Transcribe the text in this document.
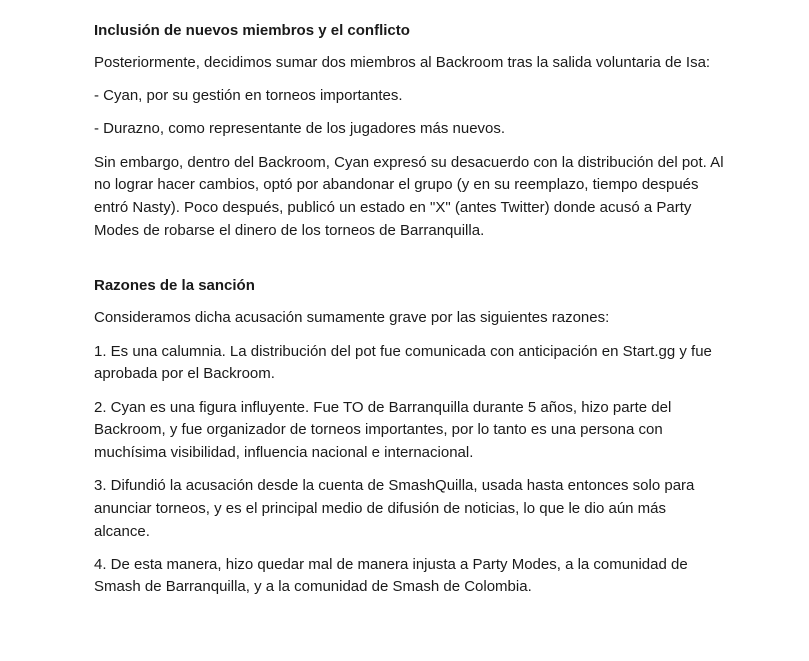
Inclusión de nuevos miembros y el conflicto

Posteriormente, decidimos sumar dos miembros al Backroom tras la salida voluntaria de Isa:

- Cyan, por su gestión en torneos importantes.

- Durazno, como representante de los jugadores más nuevos.

Sin embargo, dentro del Backroom, Cyan expresó su desacuerdo con la distribución del pot. Al no lograr hacer cambios, optó por abandonar el grupo (y en su reemplazo, tiempo después entró Nasty). Poco después, publicó un estado en "X" (antes Twitter) donde acusó a Party Modes de robarse el dinero de los torneos de Barranquilla.

Razones de la sanción

Consideramos dicha acusación sumamente grave por las siguientes razones:

1. Es una calumnia. La distribución del pot fue comunicada con anticipación en Start.gg y fue aprobada por el Backroom.

2. Cyan es una figura influyente. Fue TO de Barranquilla durante 5 años, hizo parte del Backroom, y fue organizador de torneos importantes, por lo tanto es una persona con muchísima visibilidad, influencia nacional e internacional.

3. Difundió la acusación desde la cuenta de SmashQuilla, usada hasta entonces solo para anunciar torneos, y es el principal medio de difusión de noticias, lo que le dio aún más alcance.

4. De esta manera, hizo quedar mal de manera injusta a Party Modes, a la comunidad de Smash de Barranquilla, y a la comunidad de Smash de Colombia.
